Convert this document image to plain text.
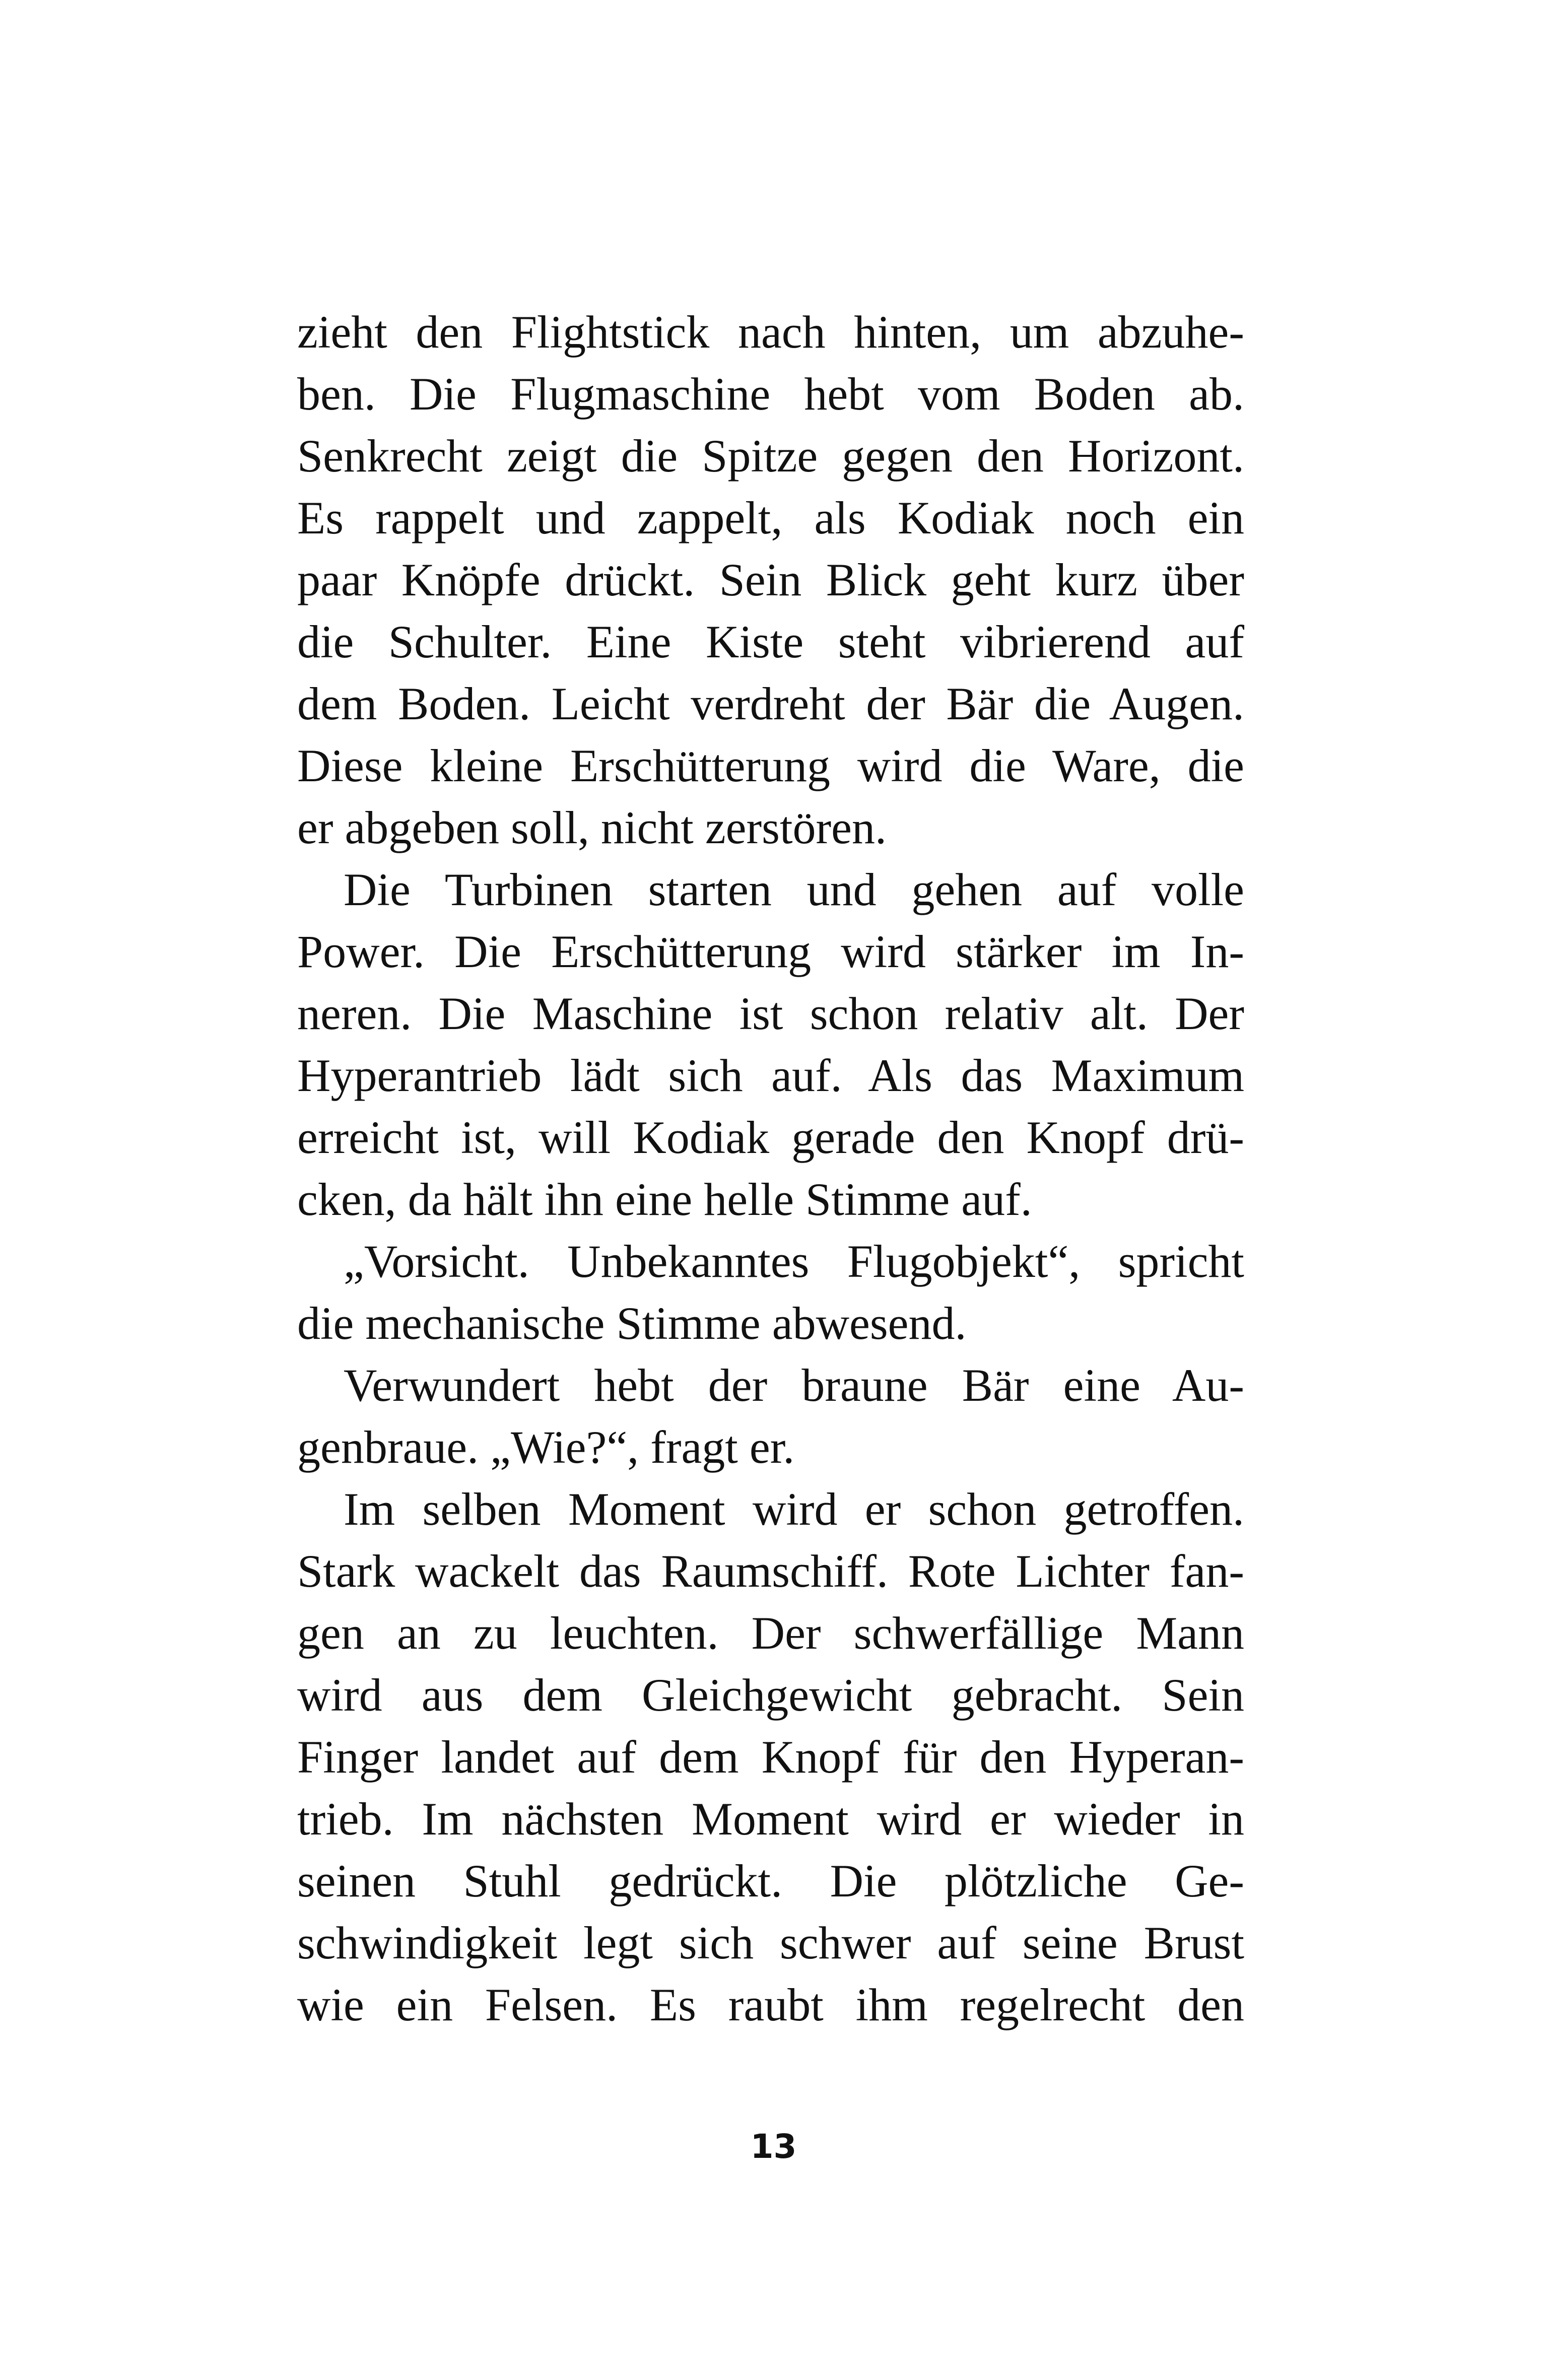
zieht den Flightstick nach hinten, um abzuhe-
ben. Die Flugmaschine hebt vom Boden ab.
Senkrecht zeigt die Spitze gegen den Horizont.
Es rappelt und zappelt, als Kodiak noch ein
paar Knöpfe drückt. Sein Blick geht kurz über
die Schulter. Eine Kiste steht vibrierend auf
dem Boden. Leicht verdreht der Bär die Augen.
Diese kleine Erschütterung wird die Ware, die
er abgeben soll, nicht zerstören.
Die Turbinen starten und gehen auf volle
Power. Die Erschütterung wird stärker im In-
neren. Die Maschine ist schon relativ alt. Der
Hyperantrieb lädt sich auf. Als das Maximum
erreicht ist, will Kodiak gerade den Knopf drü-
cken, da hält ihn eine helle Stimme auf.
„Vorsicht. Unbekanntes Flugobjekt“, spricht
die mechanische Stimme abwesend.
Verwundert hebt der braune Bär eine Au-
genbraue. „Wie?“, fragt er.
Im selben Moment wird er schon getroffen.
Stark wackelt das Raumschiff. Rote Lichter fan-
gen an zu leuchten. Der schwerfällige Mann
wird aus dem Gleichgewicht gebracht. Sein
Finger landet auf dem Knopf für den Hyperan-
trieb. Im nächsten Moment wird er wieder in
seinen Stuhl gedrückt. Die plötzliche Ge-
schwindigkeit legt sich schwer auf seine Brust
wie ein Felsen. Es raubt ihm regelrecht den
13
